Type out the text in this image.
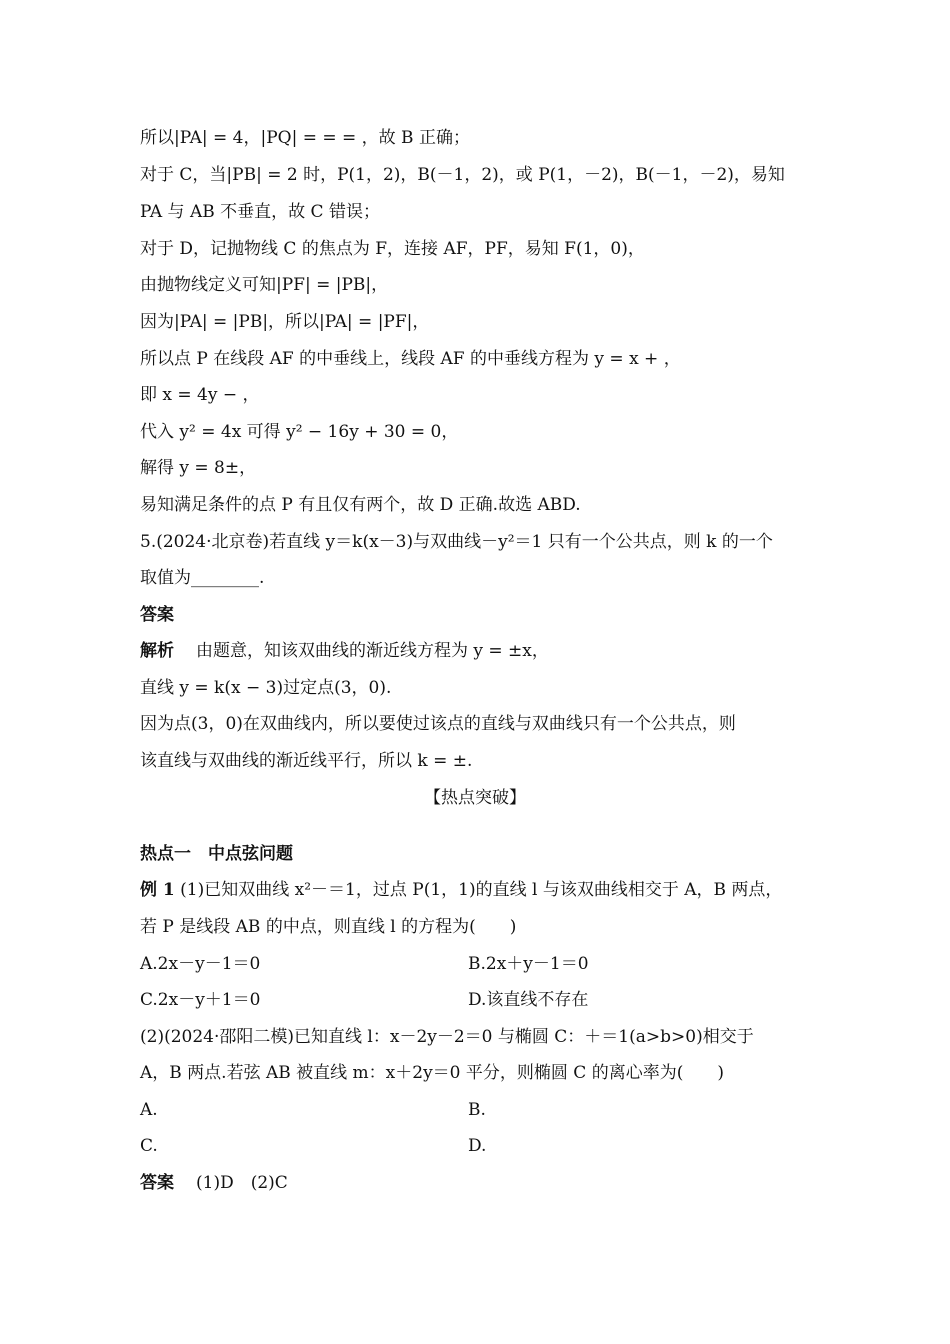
所以|PA| = 4，|PQ| = = = ，故 B 正确；
对于 C，当|PB| = 2 时，P(1，2)，B(－1，2)，或 P(1，－2)，B(－1，－2)，易知
PA 与 AB 不垂直，故 C 错误；
对于 D，记抛物线 C 的焦点为 F，连接 AF，PF，易知 F(1，0)，
由抛物线定义可知|PF| = |PB|，
因为|PA| = |PB|，所以|PA| = |PF|，
所以点 P 在线段 AF 的中垂线上，线段 AF 的中垂线方程为 y = x + ，
即 x = 4y − ，
代入 y² = 4x 可得 y² − 16y + 30 = 0，
解得 y = 8±，
易知满足条件的点 P 有且仅有两个，故 D 正确.故选 ABD.
5.(2024·北京卷)若直线 y＝k(x－3)与双曲线－y²＝1 只有一个公共点，则 k 的一个
取值为________.
答案
解析 由题意，知该双曲线的渐近线方程为 y = ±x，
直线 y = k(x − 3)过定点(3，0).
因为点(3，0)在双曲线内，所以要使过该点的直线与双曲线只有一个公共点，则
该直线与双曲线的渐近线平行，所以 k = ±.
【热点突破】
热点一　中点弦问题
例 1 (1)已知双曲线 x²－＝1，过点 P(1，1)的直线 l 与该双曲线相交于 A，B 两点，
若 P 是线段 AB 的中点，则直线 l 的方程为(　　)
A.2x－y－1＝0	B.2x＋y－1＝0
C.2x－y＋1＝0	D.该直线不存在
(2)(2024·邵阳二模)已知直线 l：x－2y－2＝0 与椭圆 C：＋＝1(a>b>0)相交于
A，B 两点.若弦 AB 被直线 m：x＋2y＝0 平分，则椭圆 C 的离心率为(　　)
A.	B.
C.	D.
答案 (1)D　(2)C
